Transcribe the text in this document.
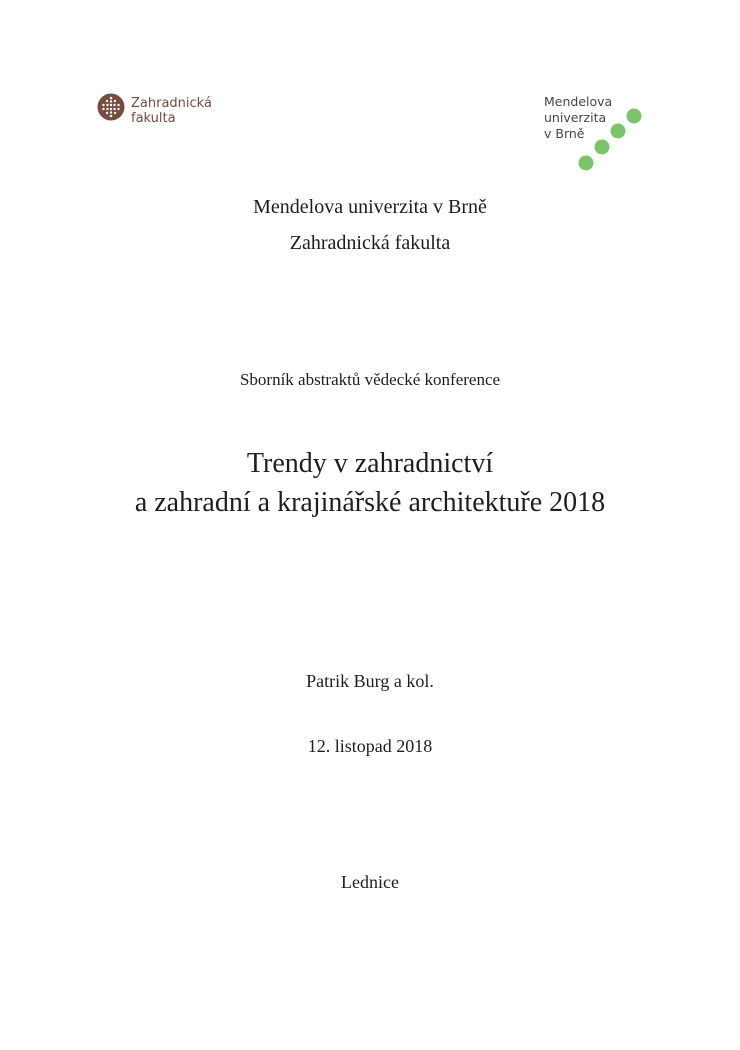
Zahradnická
fakulta
Mendelova
univerzita
v Brně
Mendelova univerzita v Brně
Zahradnická fakulta
Sborník abstraktů vědecké konference
Trendy v zahradnictví
a zahradní a krajinářské architektuře 2018
Patrik Burg a kol.
12. listopad 2018
Lednice
